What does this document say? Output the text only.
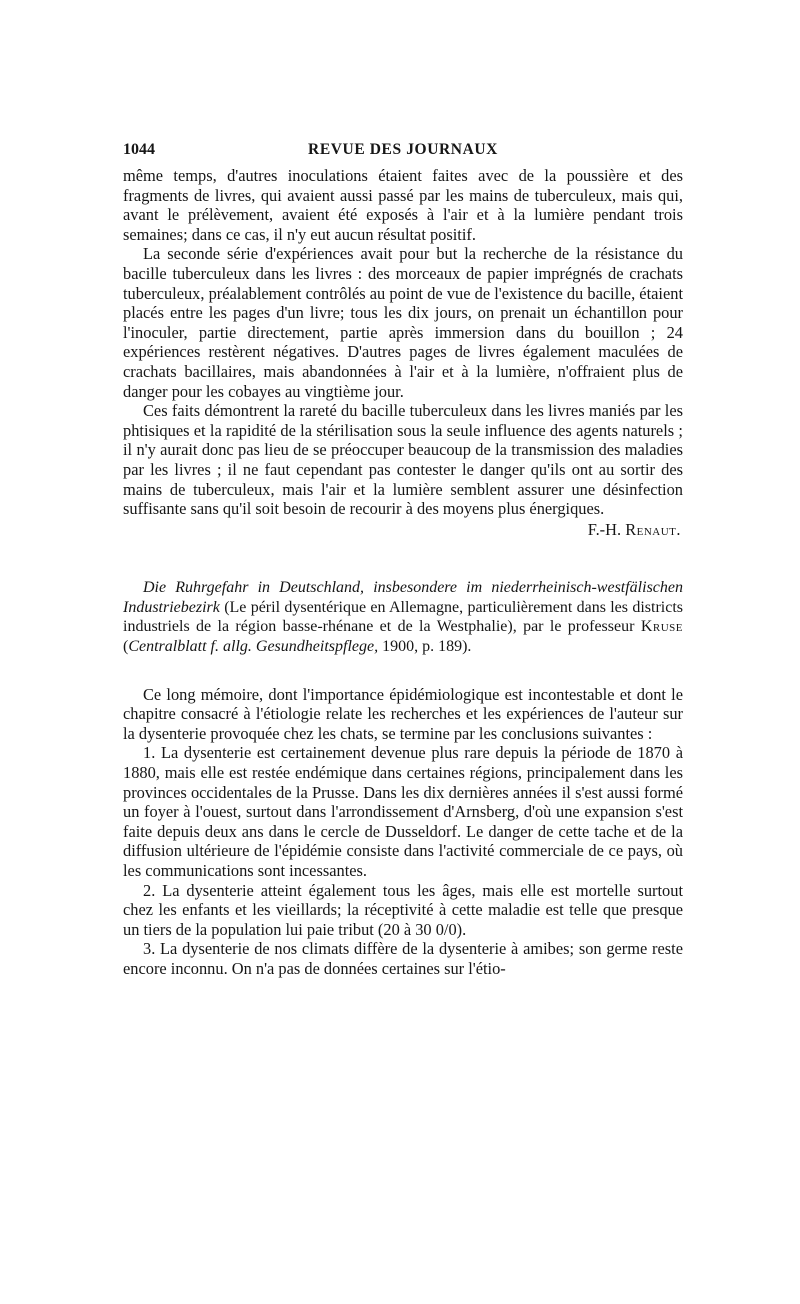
1044	REVUE DES JOURNAUX

même temps, d'autres inoculations étaient faites avec de la poussière et des fragments de livres, qui avaient aussi passé par les mains de tuberculeux, mais qui, avant le prélèvement, avaient été exposés à l'air et à la lumière pendant trois semaines; dans ce cas, il n'y eut aucun résultat positif.

La seconde série d'expériences avait pour but la recherche de la résistance du bacille tuberculeux dans les livres : des morceaux de papier imprégnés de crachats tuberculeux, préalablement contrôlés au point de vue de l'existence du bacille, étaient placés entre les pages d'un livre; tous les dix jours, on prenait un échantillon pour l'inoculer, partie directement, partie après immersion dans du bouillon ; 24 expériences restèrent négatives. D'autres pages de livres également maculées de crachats bacillaires, mais abandonnées à l'air et à la lumière, n'offraient plus de danger pour les cobayes au vingtième jour.

Ces faits démontrent la rareté du bacille tuberculeux dans les livres maniés par les phtisiques et la rapidité de la stérilisation sous la seule influence des agents naturels ; il n'y aurait donc pas lieu de se préoccuper beaucoup de la transmission des maladies par les livres ; il ne faut cependant pas contester le danger qu'ils ont au sortir des mains de tuberculeux, mais l'air et la lumière semblent assurer une désinfection suffisante sans qu'il soit besoin de recourir à des moyens plus énergiques.

F.-H. Renaut.

Die Ruhrgefahr in Deutschland, insbesondere im niederrheinisch-westfälischen Industriebezirk (Le péril dysentérique en Allemagne, particulièrement dans les districts industriels de la région basse-rhénane et de la Westphalie), par le professeur Kruse (Centralblatt f. allg. Gesundheitspflege, 1900, p. 189).

Ce long mémoire, dont l'importance épidémiologique est incontestable et dont le chapitre consacré à l'étiologie relate les recherches et les expériences de l'auteur sur la dysenterie provoquée chez les chats, se termine par les conclusions suivantes :

1. La dysenterie est certainement devenue plus rare depuis la période de 1870 à 1880, mais elle est restée endémique dans certaines régions, principalement dans les provinces occidentales de la Prusse. Dans les dix dernières années il s'est aussi formé un foyer à l'ouest, surtout dans l'arrondissement d'Arnsberg, d'où une expansion s'est faite depuis deux ans dans le cercle de Dusseldorf. Le danger de cette tache et de la diffusion ultérieure de l'épidémie consiste dans l'activité commerciale de ce pays, où les communications sont incessantes.

2. La dysenterie atteint également tous les âges, mais elle est mortelle surtout chez les enfants et les vieillards; la réceptivité à cette maladie est telle que presque un tiers de la population lui paie tribut (20 à 30 0/0).

3. La dysenterie de nos climats diffère de la dysenterie à amibes; son germe reste encore inconnu. On n'a pas de données certaines sur l'étio-
